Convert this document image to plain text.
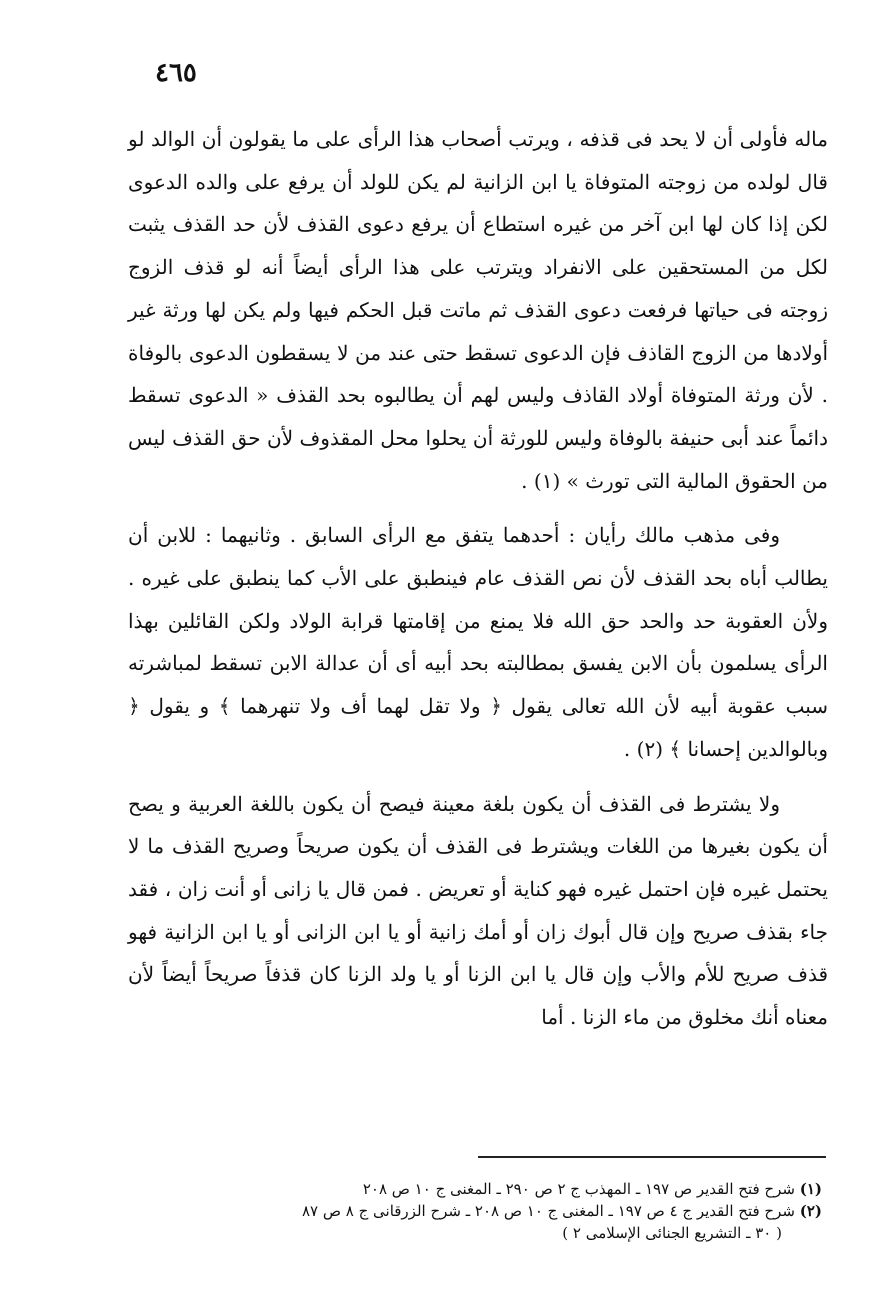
٤٦٥

ماله فأولى أن لا يحد فى قذفه ، ويرتب أصحاب هذا الرأى على ما يقولون أن الوالد لو قال لولده من زوجته المتوفاة يا ابن الزانية لم يكن للولد أن يرفع على والده الدعوى لكن إذا كان لها ابن آخر من غيره استطاع أن يرفع دعوى القذف لأن حد القذف يثبت لكل من المستحقين على الانفراد ويترتب على هذا الرأى أيضاً أنه لو قذف الزوج زوجته فى حياتها فرفعت دعوى القذف ثم ماتت قبل الحكم فيها ولم يكن لها ورثة غير أولادها من الزوج القاذف فإن الدعوى تسقط حتى عند من لا يسقطون الدعوى بالوفاة . لأن ورثة المتوفاة أولاد القاذف وليس لهم أن يطالبوه بحد القذف « الدعوى تسقط دائماً عند أبى حنيفة بالوفاة وليس للورثة أن يحلوا محل المقذوف لأن حق القذف ليس من الحقوق المالية التى تورث » (١) .

وفى مذهب مالك رأيان : أحدهما يتفق مع الرأى السابق . وثانيهما : للابن أن يطالب أباه بحد القذف لأن نص القذف عام فينطبق على الأب كما ينطبق على غيره . ولأن العقوبة حد والحد حق الله فلا يمنع من إقامتها قرابة الولاد ولكن القائلين بهذا الرأى يسلمون بأن الابن يفسق بمطالبته بحد أبيه أى أن عدالة الابن تسقط لمباشرته سبب عقوبة أبيه لأن الله تعالى يقول ﴿ ولا تقل لهما أف ولا تنهرهما ﴾ و يقول ﴿ وبالوالدين إحسانا ﴾ (٢) .

ولا يشترط فى القذف أن يكون بلغة معينة فيصح أن يكون باللغة العربية و يصح أن يكون بغيرها من اللغات ويشترط فى القذف أن يكون صريحاً وصريح القذف ما لا يحتمل غيره فإن احتمل غيره فهو كناية أو تعريض . فمن قال يا زانى أو أنت زان ، فقد جاء بقذف صريح وإن قال أبوك زان أو أمك زانية أو يا ابن الزانى أو يا ابن الزانية فهو قذف صريح للأم والأب وإن قال يا ابن الزنا أو يا ولد الزنا كان قذفاً صريحاً أيضاً لأن معناه أنك مخلوق من ماء الزنا . أما

(١) شرح فتح القدير ص ١٩٧ ـ المهذب ج ٢ ص ٢٩٠ ـ المغنى ج ١٠ ص ٢٠٨
(٢) شرح فتح القدير ج ٤ ص ١٩٧ ـ المغنى ج ١٠ ص ٢٠٨ ـ شرح الزرقانى ج ٨ ص ٨٧
( ٣٠ ـ التشريع الجنائى الإسلامى ٢ )
